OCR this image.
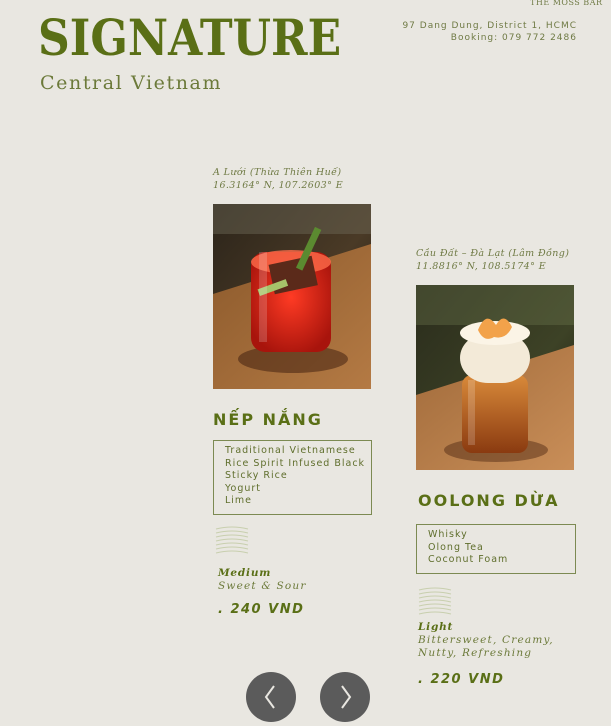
SIGNATURE
Central Vietnam
THE MOSS BAR
97 Dang Dung, District 1, HCMC
Booking: 079 772 2486
A Lưới (Thừa Thiên Huế)
16.3164° N, 107.2603° E
NẾP NẮNG
Traditional Vietnamese
Rice Spirit Infused Black
Sticky Rice
Yogurt
Lime
Medium
Sweet & Sour
. 240 VND
Cầu Đất – Đà Lạt (Lâm Đồng)
11.8816° N, 108.5174° E
OOLONG DỪA
Whisky
Olong Tea
Coconut Foam
Light
Bittersweet, Creamy, Nutty, Refreshing
. 220 VND
